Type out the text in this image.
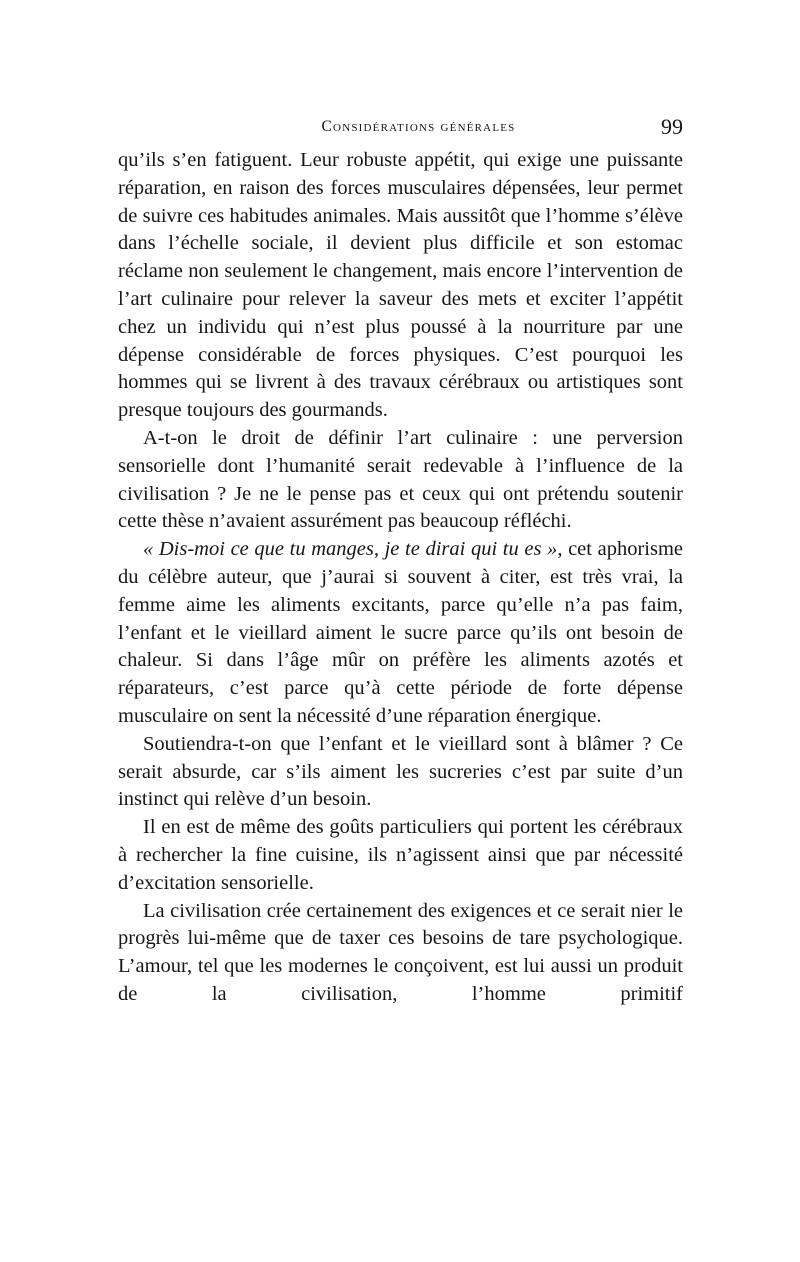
Considérations générales	99

qu’ils s’en fatiguent. Leur robuste appétit, qui exige une puissante réparation, en raison des forces musculaires dépensées, leur permet de suivre ces habitudes animales. Mais aussitôt que l’homme s’élève dans l’échelle sociale, il devient plus difficile et son estomac réclame non seulement le changement, mais encore l’intervention de l’art culinaire pour relever la saveur des mets et exciter l’appétit chez un individu qui n’est plus poussé à la nourriture par une dépense considérable de forces physiques. C’est pourquoi les hommes qui se livrent à des travaux cérébraux ou artistiques sont presque toujours des gourmands.

A-t-on le droit de définir l’art culinaire : une perversion sensorielle dont l’humanité serait redevable à l’influence de la civilisation ? Je ne le pense pas et ceux qui ont prétendu soutenir cette thèse n’avaient assurément pas beaucoup réfléchi.

« Dis-moi ce que tu manges, je te dirai qui tu es », cet aphorisme du célèbre auteur, que j’aurai si souvent à citer, est très vrai, la femme aime les aliments excitants, parce qu’elle n’a pas faim, l’enfant et le vieillard aiment le sucre parce qu’ils ont besoin de chaleur. Si dans l’âge mûr on préfère les aliments azotés et réparateurs, c’est parce qu’à cette période de forte dépense musculaire on sent la nécessité d’une réparation énergique.

Soutiendra-t-on que l’enfant et le vieillard sont à blâmer ? Ce serait absurde, car s’ils aiment les sucreries c’est par suite d’un instinct qui relève d’un besoin.

Il en est de même des goûts particuliers qui portent les cérébraux à rechercher la fine cuisine, ils n’agissent ainsi que par nécessité d’excitation sensorielle.

La civilisation crée certainement des exigences et ce serait nier le progrès lui-même que de taxer ces besoins de tare psychologique. L’amour, tel que les modernes le conçoivent, est lui aussi un produit de la civilisation, l’homme primitif
